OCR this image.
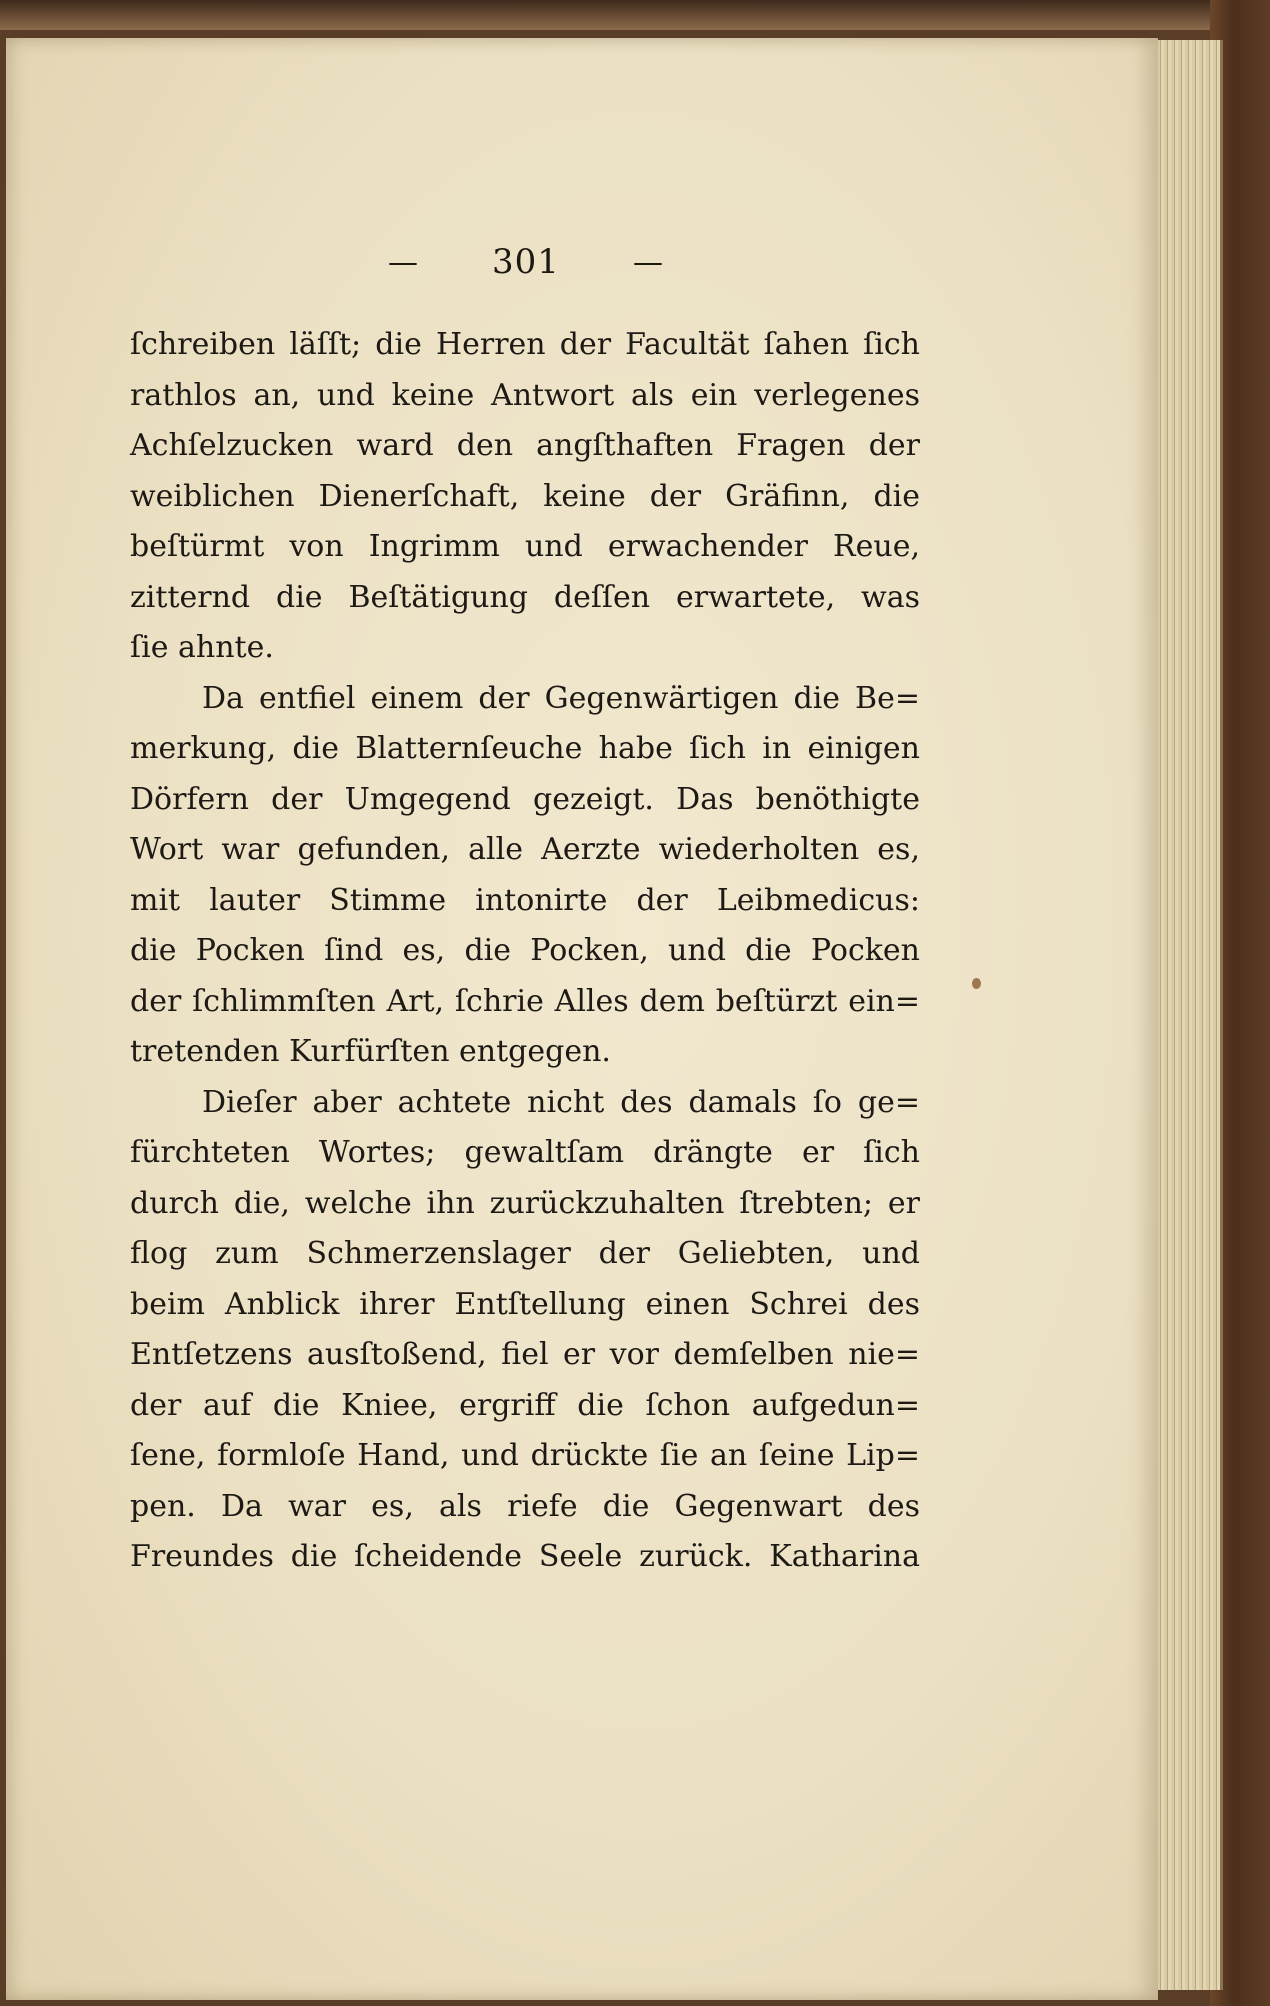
— 301 —
ſchreiben läſſt; die Herren der Facultät ſahen ſich
rathlos an, und keine Antwort als ein verlegenes
Achſelzucken ward den angſthaften Fragen der
weiblichen Dienerſchaft, keine der Gräfinn, die
beſtürmt von Ingrimm und erwachender Reue,
zitternd die Beſtätigung deſſen erwartete, was
ſie ahnte.
Da entfiel einem der Gegenwärtigen die Be=
merkung, die Blatternſeuche habe ſich in einigen
Dörfern der Umgegend gezeigt. Das benöthigte
Wort war gefunden, alle Aerzte wiederholten es,
mit lauter Stimme intonirte der Leibmedicus:
die Pocken ſind es, die Pocken, und die Pocken
der ſchlimmſten Art, ſchrie Alles dem beſtürzt ein=
tretenden Kurfürſten entgegen.
Dieſer aber achtete nicht des damals ſo ge=
fürchteten Wortes; gewaltſam drängte er ſich
durch die, welche ihn zurückzuhalten ſtrebten; er
flog zum Schmerzenslager der Geliebten, und
beim Anblick ihrer Entſtellung einen Schrei des
Entſetzens ausſtoßend, fiel er vor demſelben nie=
der auf die Kniee, ergriff die ſchon aufgedun=
ſene, formloſe Hand, und drückte ſie an ſeine Lip=
pen. Da war es, als riefe die Gegenwart des
Freundes die ſcheidende Seele zurück. Katharina
